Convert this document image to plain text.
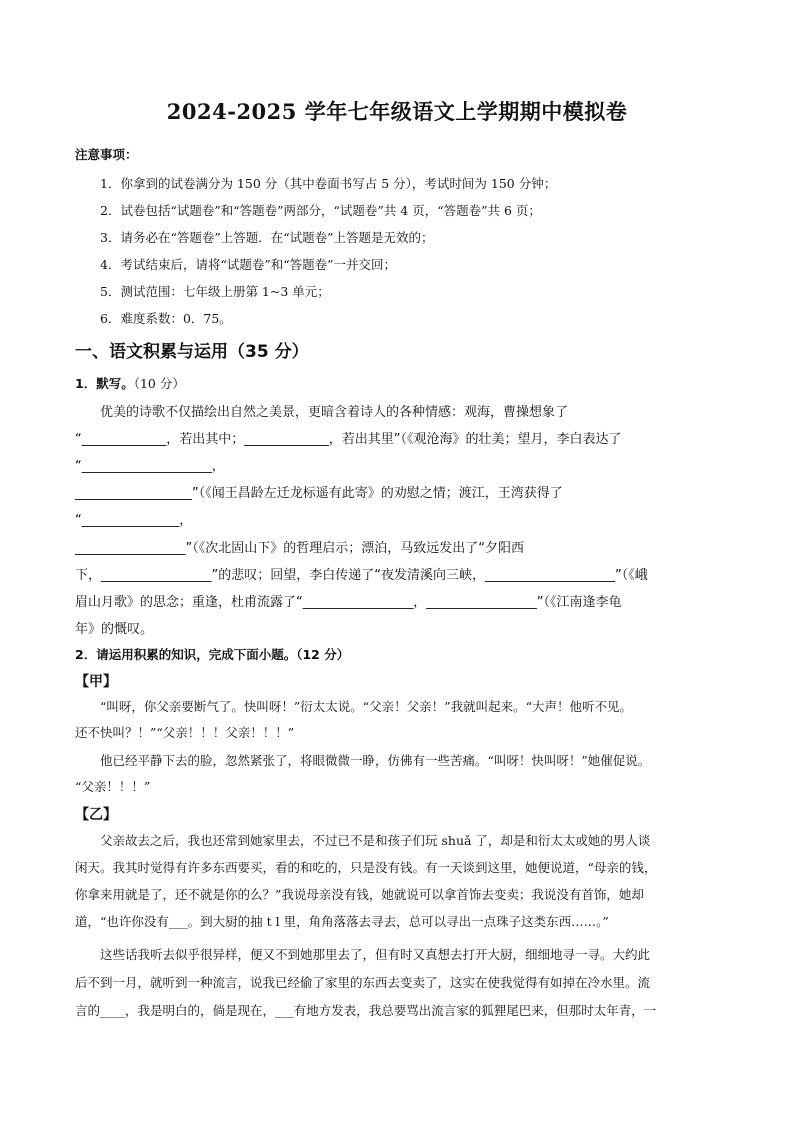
2024-2025 学年七年级语文上学期期中模拟卷
注意事项：
1．你拿到的试卷满分为 150 分（其中卷面书写占 5 分），考试时间为 150 分钟；
2．试卷包括“试题卷”和“答题卷”两部分，“试题卷”共 4 页，“答题卷”共 6 页；
3．请务必在“答题卷”上答题．在“试题卷”上答题是无效的；
4．考试结束后，请将“试题卷”和“答题卷”一并交回；
5．测试范围：七年级上册第 1~3 单元；
6．难度系数：0．75。
一、语文积累与运用（35 分）
1．默写。（10 分）
优美的诗歌不仅描绘出自然之美景，更暗含着诗人的各种情感：观海，曹操想象了
“_____________，若出其中；_____________，若出其里”（《观沧海》的壮美；望月，李白表达了
“____________________，
__________________”（《闻王昌龄左迁龙标遥有此寄》的劝慰之情；渡江，王湾获得了
“_______________，
_________________”（《次北固山下》的哲理启示；漂泊，马致远发出了“夕阳西
下，_________________”的悲叹；回望，李白传递了“夜发清溪向三峡，____________________”（《峨
眉山月歌》的思念；重逢，杜甫流露了“_________________，_________________”（《江南逢李龟
年》的慨叹。
2．请运用积累的知识，完成下面小题。（12 分）
【甲】
“叫呀，你父亲要断气了。快叫呀！”衍太太说。“父亲！父亲！”我就叫起来。“大声！他听不见。
还不快叫？！”“父亲！！！父亲！！！”
他已经平静下去的脸，忽然紧张了，将眼微微一睁，仿佛有一些苦痛。“叫呀！快叫呀！”她催促说。
“父亲！！！”
【乙】
父亲故去之后，我也还常到她家里去，不过已不是和孩子们玩 shuǎ 了，却是和衍太太或她的男人谈
闲天。我其时觉得有许多东西要买，看的和吃的，只是没有钱。有一天谈到这里，她便说道，“母亲的钱，
你拿来用就是了，还不就是你的么？”我说母亲没有钱，她就说可以拿首饰去变卖；我说没有首饰，她却
道，“也许你没有___。到大厨的抽 t l 里，角角落落去寻去，总可以寻出一点珠子这类东西……。”
这些话我听去似乎很异样，便又不到她那里去了，但有时又真想去打开大厨，细细地寻一寻。大约此
后不到一月，就听到一种流言，说我已经偷了家里的东西去变卖了，这实在使我觉得有如掉在冷水里。流
言的____，我是明白的，倘是现在，___有地方发表，我总要骂出流言家的狐狸尾巴来，但那时太年青，一
